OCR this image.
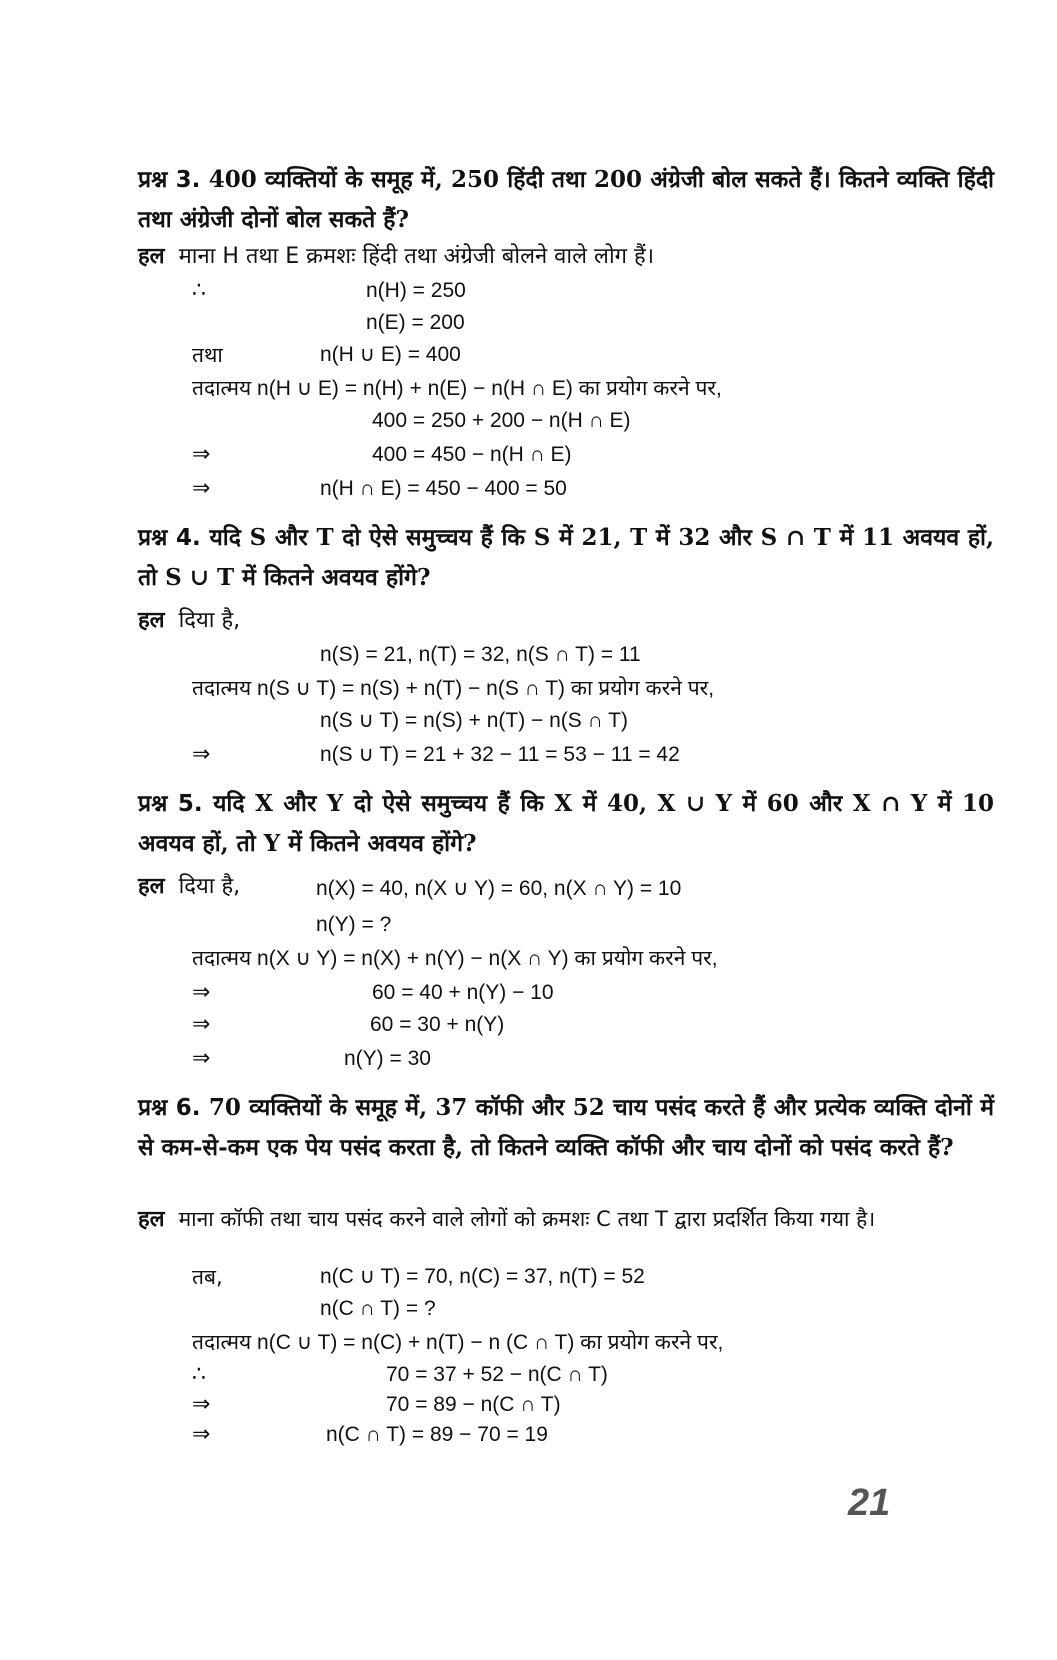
प्रश्न 3. 400 व्यक्तियों के समूह में, 250 हिंदी तथा 200 अंग्रेजी बोल सकते हैं। कितने व्यक्ति हिंदी तथा अंग्रेजी दोनों बोल सकते हैं?
हल माना H तथा E क्रमशः हिंदी तथा अंग्रेजी बोलने वाले लोग हैं।
∴	n(H) = 250
n(E) = 200
तथा	n(H ∪ E) = 400
तदात्मय n(H ∪ E) = n(H) + n(E) − n(H ∩ E) का प्रयोग करने पर,
400 = 250 + 200 − n(H ∩ E)
⇒	400 = 450 − n(H ∩ E)
⇒	n(H ∩ E) = 450 − 400 = 50
प्रश्न 4. यदि S और T दो ऐसे समुच्चय हैं कि S में 21, T में 32 और S ∩ T में 11 अवयव हों, तो S ∪ T में कितने अवयव होंगे?
हल दिया है,
n(S) = 21, n(T) = 32, n(S ∩ T) = 11
तदात्मय n(S ∪ T) = n(S) + n(T) − n(S ∩ T) का प्रयोग करने पर,
n(S ∪ T) = n(S) + n(T) − n(S ∩ T)
⇒	n(S ∪ T) = 21 + 32 − 11 = 53 − 11 = 42
प्रश्न 5. यदि X और Y दो ऐसे समुच्चय हैं कि X में 40, X ∪ Y में 60 और X ∩ Y में 10 अवयव हों, तो Y में कितने अवयव होंगे?
हल दिया है,	n(X) = 40, n(X ∪ Y) = 60, n(X ∩ Y) = 10
n(Y) = ?
तदात्मय n(X ∪ Y) = n(X) + n(Y) − n(X ∩ Y) का प्रयोग करने पर,
⇒	60 = 40 + n(Y) − 10
⇒	60 = 30 + n(Y)
⇒	n(Y) = 30
प्रश्न 6. 70 व्यक्तियों के समूह में, 37 कॉफी और 52 चाय पसंद करते हैं और प्रत्येक व्यक्ति दोनों में से कम-से-कम एक पेय पसंद करता है, तो कितने व्यक्ति कॉफी और चाय दोनों को पसंद करते हैं?
हल माना कॉफी तथा चाय पसंद करने वाले लोगों को क्रमशः C तथा T द्वारा प्रदर्शित किया गया है।
तब,	n(C ∪ T) = 70, n(C) = 37, n(T) = 52
n(C ∩ T) = ?
तदात्मय n(C ∪ T) = n(C) + n(T) − n (C ∩ T) का प्रयोग करने पर,
∴	70 = 37 + 52 − n(C ∩ T)
⇒	70 = 89 − n(C ∩ T)
⇒	n(C ∩ T) = 89 − 70 = 19
21
